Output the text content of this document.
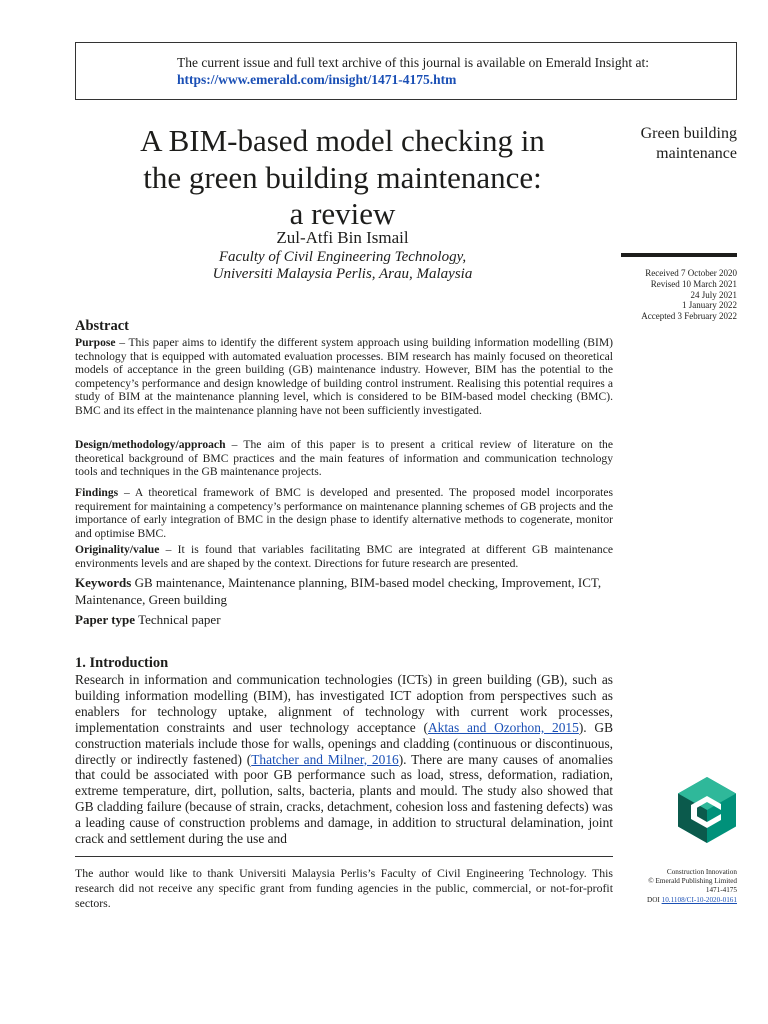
The current issue and full text archive of this journal is available on Emerald Insight at:
https://www.emerald.com/insight/1471-4175.htm
A BIM-based model checking in
the green building maintenance:
a review
Zul-Atfi Bin Ismail
Faculty of Civil Engineering Technology,
Universiti Malaysia Perlis, Arau, Malaysia
Green building
maintenance
Received 7 October 2020
Revised 10 March 2021
24 July 2021
1 January 2022
Accepted 3 February 2022
Abstract

Purpose – This paper aims to identify the different system approach using building information modelling (BIM) technology that is equipped with automated evaluation processes. BIM research has mainly focused on theoretical models of acceptance in the green building (GB) maintenance industry. However, BIM has the potential to the competency’s performance and design knowledge of building control instrument. Realising this potential requires a study of BIM at the maintenance planning level, which is considered to be BIM-based model checking (BMC). BMC and its effect in the maintenance planning have not been sufficiently investigated.

Design/methodology/approach – The aim of this paper is to present a critical review of literature on the theoretical background of BMC practices and the main features of information and communication technology tools and techniques in the GB maintenance projects.

Findings – A theoretical framework of BMC is developed and presented. The proposed model incorporates requirement for maintaining a competency’s performance on maintenance planning schemes of GB projects and the importance of early integration of BMC in the design phase to identify alternative methods to cogenerate, monitor and optimise BMC.

Originality/value – It is found that variables facilitating BMC are integrated at different GB maintenance environments levels and are shaped by the context. Directions for future research are presented.

Keywords GB maintenance, Maintenance planning, BIM-based model checking, Improvement, ICT, Maintenance, Green building

Paper type Technical paper

1. Introduction

Research in information and communication technologies (ICTs) in green building (GB), such as building information modelling (BIM), has investigated ICT adoption from perspectives such as enablers for technology uptake, alignment of technology with current work processes, implementation constraints and user technology acceptance (Aktas and Ozorhon, 2015). GB construction materials include those for walls, openings and cladding (continuous or discontinuous, directly or indirectly fastened) (Thatcher and Milner, 2016). There are many causes of anomalies that could be associated with poor GB performance such as load, stress, deformation, radiation, extreme temperature, dirt, pollution, salts, bacteria, plants and mould. The study also showed that GB cladding failure (because of strain, cracks, detachment, cohesion loss and fastening defects) was a leading cause of construction problems and damage, in addition to structural delamination, joint crack and settlement during the use and

The author would like to thank Universiti Malaysia Perlis’s Faculty of Civil Engineering Technology. This research did not receive any specific grant from funding agencies in the public, commercial, or not-for-profit sectors.

Construction Innovation
© Emerald Publishing Limited
1471-4175
DOI 10.1108/CI-10-2020-0161
